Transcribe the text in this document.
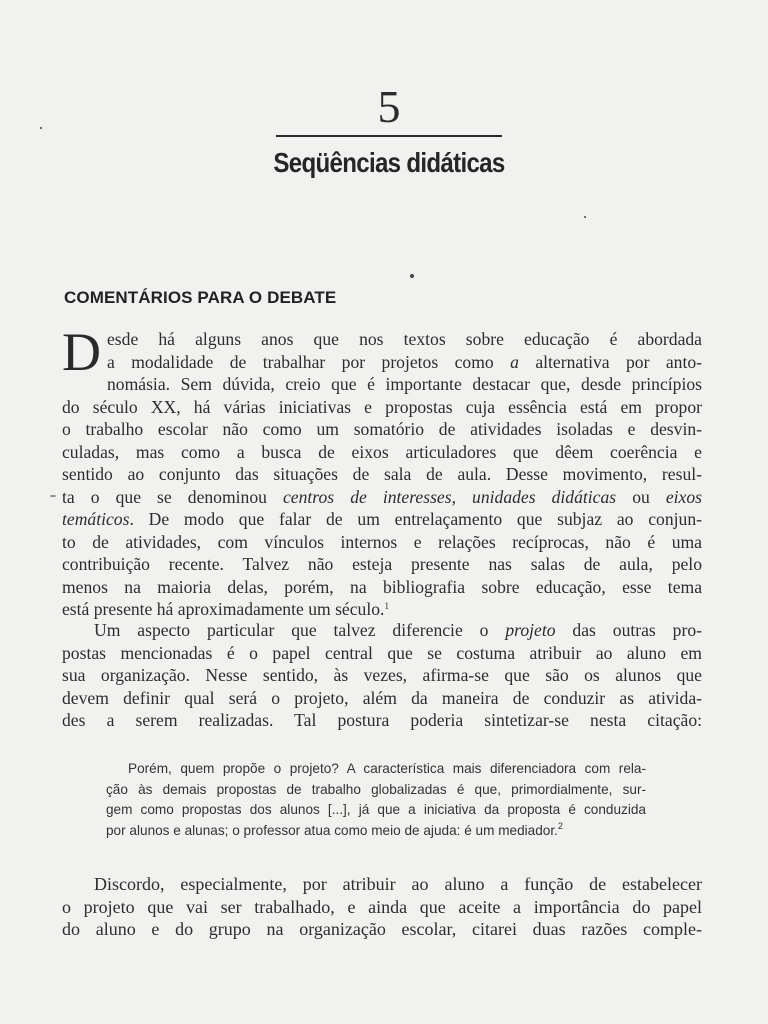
5
Seqüências didáticas
COMENTÁRIOS PARA O DEBATE
D esde há alguns anos que nos textos sobre educação é abordada
a modalidade de trabalhar por projetos como a alternativa por anto-
nomásia. Sem dúvida, creio que é importante destacar que, desde princípios
do século XX, há várias iniciativas e propostas cuja essência está em propor
o trabalho escolar não como um somatório de atividades isoladas e desvin-
culadas, mas como a busca de eixos articuladores que dêem coerência e
sentido ao conjunto das situações de sala de aula. Desse movimento, resul-
ta o que se denominou centros de interesses, unidades didáticas ou eixos
temáticos. De modo que falar de um entrelaçamento que subjaz ao conjun-
to de atividades, com vínculos internos e relações recíprocas, não é uma
contribuição recente. Talvez não esteja presente nas salas de aula, pelo
menos na maioria delas, porém, na bibliografia sobre educação, esse tema
está presente há aproximadamente um século.$^1$
Um aspecto particular que talvez diferencie o projeto das outras pro-
postas mencionadas é o papel central que se costuma atribuir ao aluno em
sua organização. Nesse sentido, às vezes, afirma-se que são os alunos que
devem definir qual será o projeto, além da maneira de conduzir as ativida-
des a serem realizadas. Tal postura poderia sintetizar-se nesta citação:
Porém, quem propõe o projeto? A característica mais diferenciadora com rela-
ção às demais propostas de trabalho globalizadas é que, primordialmente, sur-
gem como propostas dos alunos [...], já que a iniciativa da proposta é conduzida
por alunos e alunas; o professor atua como meio de ajuda: é um mediador.$^2$
Discordo, especialmente, por atribuir ao aluno a função de estabelecer
o projeto que vai ser trabalhado, e ainda que aceite a importância do papel
do aluno e do grupo na organização escolar, citarei duas razões comple-
